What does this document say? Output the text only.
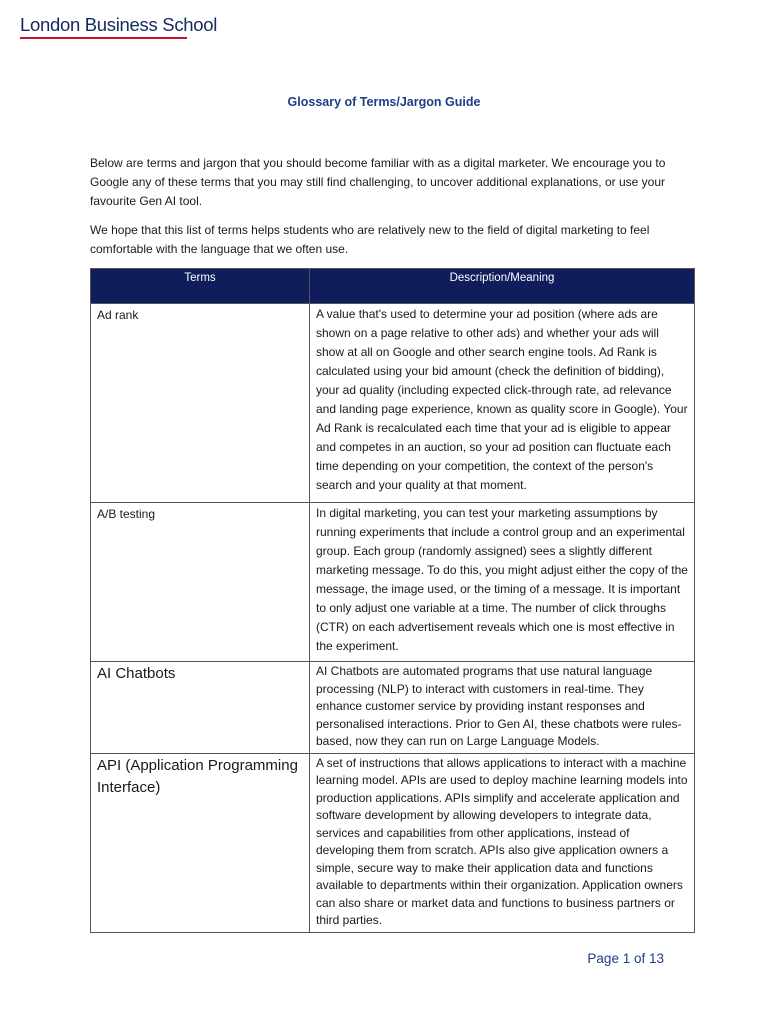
London Business School
Glossary of Terms/Jargon Guide

Below are terms and jargon that you should become familiar with as a digital marketer. We encourage you to Google any of these terms that you may still find challenging, to uncover additional explanations, or use your favourite Gen AI tool.

We hope that this list of terms helps students who are relatively new to the field of digital marketing to feel comfortable with the language that we often use.

Terms	Description/Meaning
Ad rank	A value that's used to determine your ad position (where ads are shown on a page relative to other ads) and whether your ads will show at all on Google and other search engine tools. Ad Rank is calculated using your bid amount (check the definition of bidding), your ad quality (including expected click-through rate, ad relevance and landing page experience, known as quality score in Google). Your Ad Rank is recalculated each time that your ad is eligible to appear and competes in an auction, so your ad position can fluctuate each time depending on your competition, the context of the person's search and your quality at that moment.
A/B testing	In digital marketing, you can test your marketing assumptions by running experiments that include a control group and an experimental group. Each group (randomly assigned) sees a slightly different marketing message. To do this, you might adjust either the copy of the message, the image used, or the timing of a message. It is important to only adjust one variable at a time. The number of click throughs (CTR) on each advertisement reveals which one is most effective in the experiment.
AI Chatbots	AI Chatbots are automated programs that use natural language processing (NLP) to interact with customers in real-time. They enhance customer service by providing instant responses and personalised interactions. Prior to Gen AI, these chatbots were rules-based, now they can run on Large Language Models.
API (Application Programming Interface)	A set of instructions that allows applications to interact with a machine learning model. APIs are used to deploy machine learning models into production applications. APIs simplify and accelerate application and software development by allowing developers to integrate data, services and capabilities from other applications, instead of developing them from scratch. APIs also give application owners a simple, secure way to make their application data and functions available to departments within their organization. Application owners can also share or market data and functions to business partners or third parties.
Page 1 of 13
